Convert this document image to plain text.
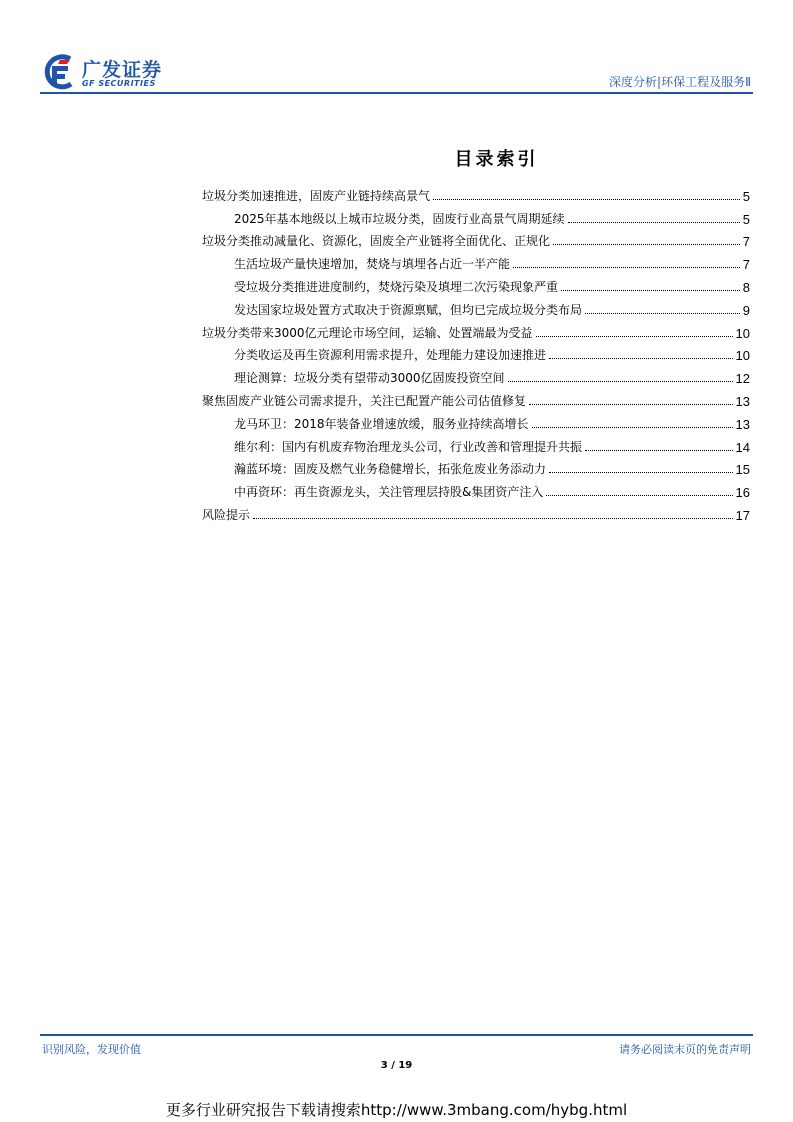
广发证券
GF SECURITIES	深度分析|环保工程及服务Ⅱ
目录索引
垃圾分类加速推进，固废产业链持续高景气	5
2025年基本地级以上城市垃圾分类，固废行业高景气周期延续	5
垃圾分类推动减量化、资源化，固废全产业链将全面优化、正规化	7
生活垃圾产量快速增加，焚烧与填埋各占近一半产能	7
受垃圾分类推进进度制约，焚烧污染及填埋二次污染现象严重	8
发达国家垃圾处置方式取决于资源禀赋，但均已完成垃圾分类布局	9
垃圾分类带来3000亿元理论市场空间，运输、处置端最为受益	10
分类收运及再生资源利用需求提升，处理能力建设加速推进	10
理论测算：垃圾分类有望带动3000亿固废投资空间	12
聚焦固废产业链公司需求提升，关注已配置产能公司估值修复	13
龙马环卫：2018年装备业增速放缓，服务业持续高增长	13
维尔利：国内有机废弃物治理龙头公司，行业改善和管理提升共振	14
瀚蓝环境：固废及燃气业务稳健增长，拓张危废业务添动力	15
中再资环：再生资源龙头，关注管理层持股&集团资产注入	16
风险提示	17
识别风险，发现价值	请务必阅读末页的免责声明
3 / 19
更多行业研究报告下载请搜索http://www.3mbang.com/hybg.html
